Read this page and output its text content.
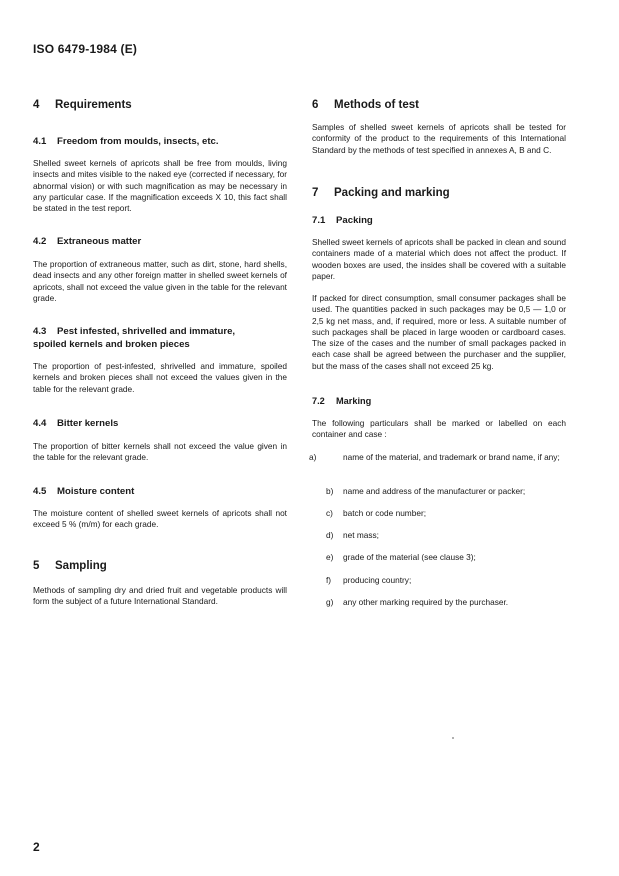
ISO 6479-1984 (E)
4 Requirements
4.1 Freedom from moulds, insects, etc.
Shelled sweet kernels of apricots shall be free from moulds, living insects and mites visible to the naked eye (corrected if necessary, for abnormal vision) or with such magnification as may be necessary in any particular case. If the magnification exceeds X 10, this fact shall be stated in the test report.
4.2 Extraneous matter
The proportion of extraneous matter, such as dirt, stone, hard shells, dead insects and any other foreign matter in shelled sweet kernels of apricots, shall not exceed the value given in the table for the relevant grade.
4.3 Pest infested, shrivelled and immature,
spoiled kernels and broken pieces
The proportion of pest-infested, shrivelled and immature, spoiled kernels and broken pieces shall not exceed the values given in the table for the relevant grade.
4.4 Bitter kernels
The proportion of bitter kernels shall not exceed the value given in the table for the relevant grade.
4.5 Moisture content
The moisture content of shelled sweet kernels of apricots shall not exceed 5 % (m/m) for each grade.
5 Sampling
Methods of sampling dry and dried fruit and vegetable products will form the subject of a future International Standard.
6 Methods of test
Samples of shelled sweet kernels of apricots shall be tested for conformity of the product to the requirements of this International Standard by the methods of test specified in annexes A, B and C.
7 Packing and marking
7.1 Packing
Shelled sweet kernels of apricots shall be packed in clean and sound containers made of a material which does not affect the product. If wooden boxes are used, the insides shall be covered with a suitable paper.
If packed for direct consumption, small consumer packages shall be used. The quantities packed in such packages may be 0,5 — 1,0 or 2,5 kg net mass, and, if required, more or less. A suitable number of such packages shall be placed in large wooden or cardboard cases. The size of the cases and the number of small packages packed in each case shall be agreed between the purchaser and the supplier, but the mass of the cases shall not exceed 25 kg.
7.2 Marking
The following particulars shall be marked or labelled on each container and case :
a)	name of the material, and trademark or brand name, if any;
b) name and address of the manufacturer or packer;
c) batch or code number;
d) net mass;
e) grade of the material (see clause 3);
f) producing country;
g) any other marking required by the purchaser.
2
